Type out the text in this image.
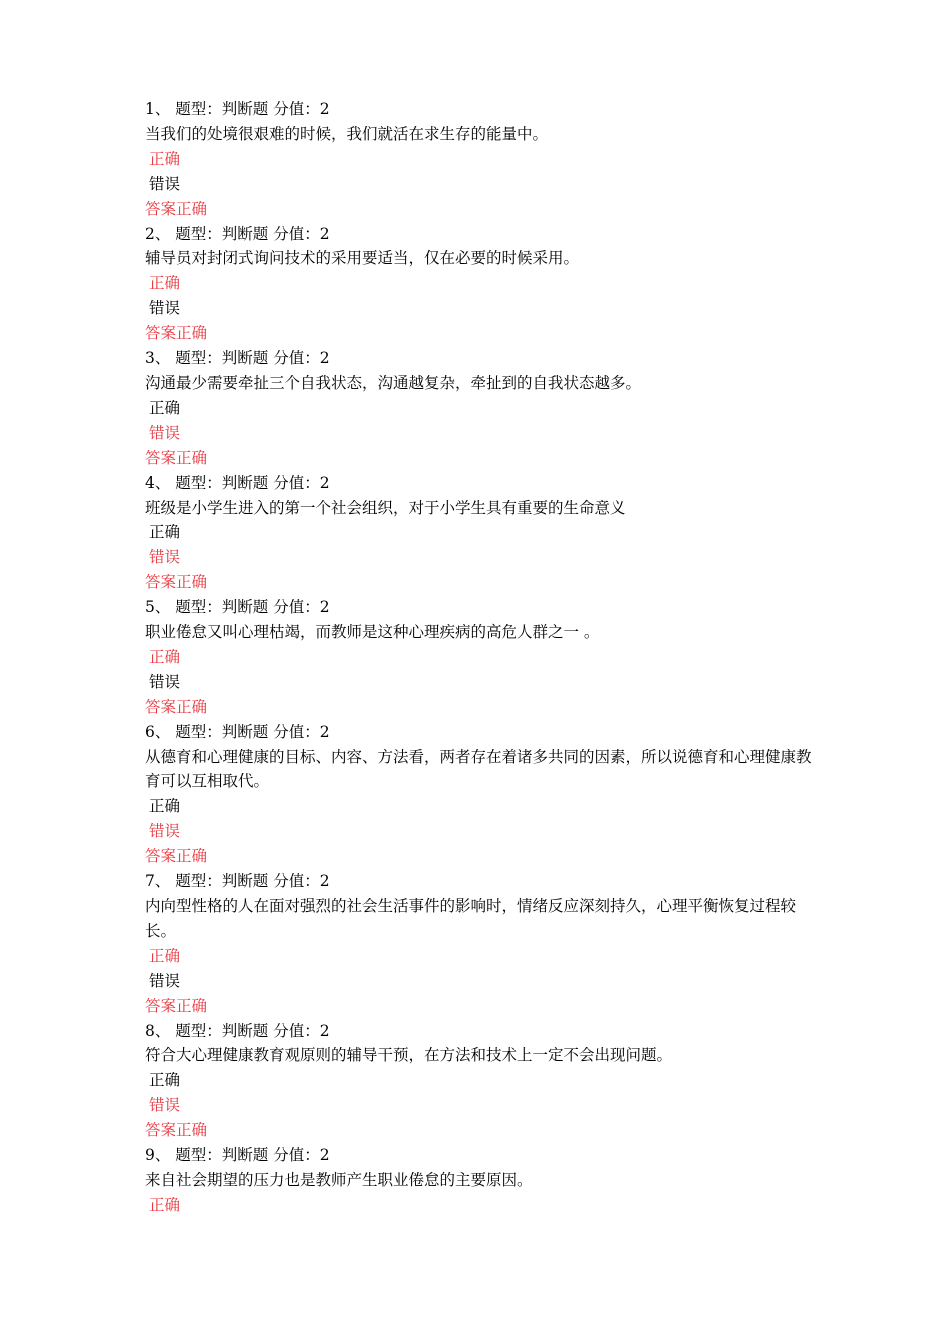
1、 题型：判断题 分值：2
当我们的处境很艰难的时候，我们就活在求生存的能量中。
正确
错误
答案正确
2、 题型：判断题 分值：2
辅导员对封闭式询问技术的采用要适当，仅在必要的时候采用。
正确
错误
答案正确
3、 题型：判断题 分值：2
沟通最少需要牵扯三个自我状态，沟通越复杂，牵扯到的自我状态越多。
正确
错误
答案正确
4、 题型：判断题 分值：2
班级是小学生进入的第一个社会组织，对于小学生具有重要的生命意义
正确
错误
答案正确
5、 题型：判断题 分值：2
职业倦怠又叫心理枯竭，而教师是这种心理疾病的高危人群之一 。
正确
错误
答案正确
6、 题型：判断题 分值：2
从德育和心理健康的目标、内容、方法看，两者存在着诸多共同的因素，所以说德育和心理健康教育可以互相取代。
正确
错误
答案正确
7、 题型：判断题 分值：2
内向型性格的人在面对强烈的社会生活事件的影响时，情绪反应深刻持久，心理平衡恢复过程较长。
正确
错误
答案正确
8、 题型：判断题 分值：2
符合大心理健康教育观原则的辅导干预，在方法和技术上一定不会出现问题。
正确
错误
答案正确
9、 题型：判断题 分值：2
来自社会期望的压力也是教师产生职业倦怠的主要原因。
正确
